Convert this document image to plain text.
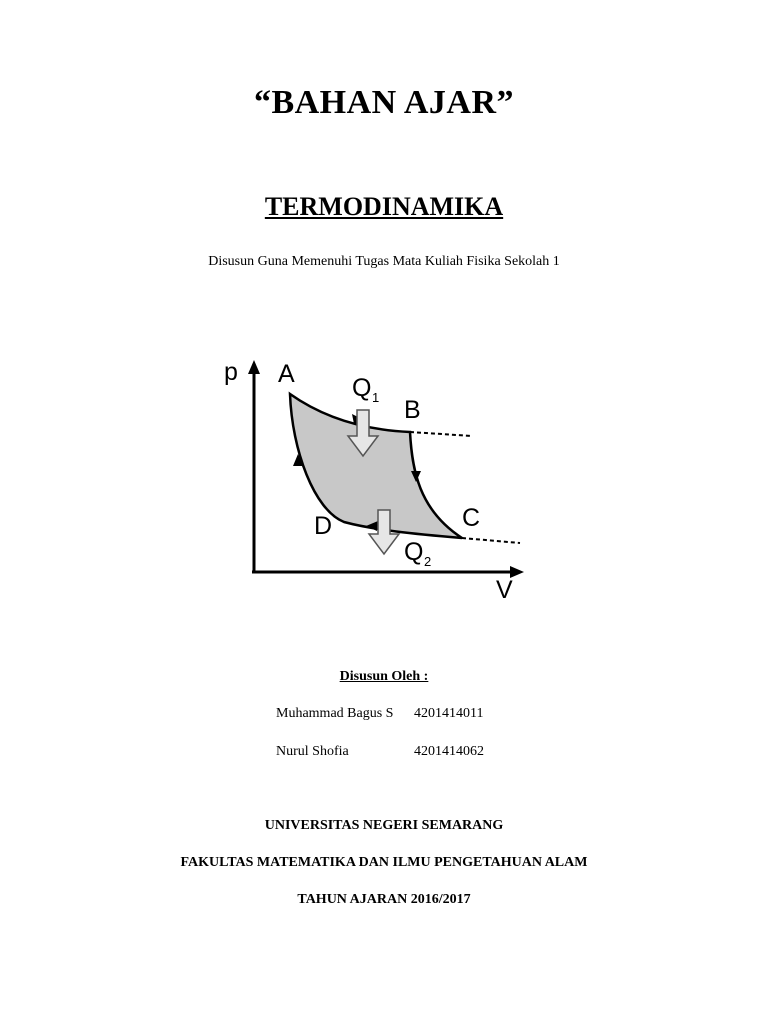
“BAHAN AJAR”
TERMODINAMIKA
Disusun Guna Memenuhi Tugas Mata Kuliah Fisika Sekolah 1
p
V
A
B
C
D
Q 1
Q 2
Disusun Oleh :
Muhammad Bagus S 4201414011
Nurul Shofia	4201414062
UNIVERSITAS NEGERI SEMARANG
FAKULTAS MATEMATIKA DAN ILMU PENGETAHUAN ALAM
TAHUN AJARAN 2016/2017
